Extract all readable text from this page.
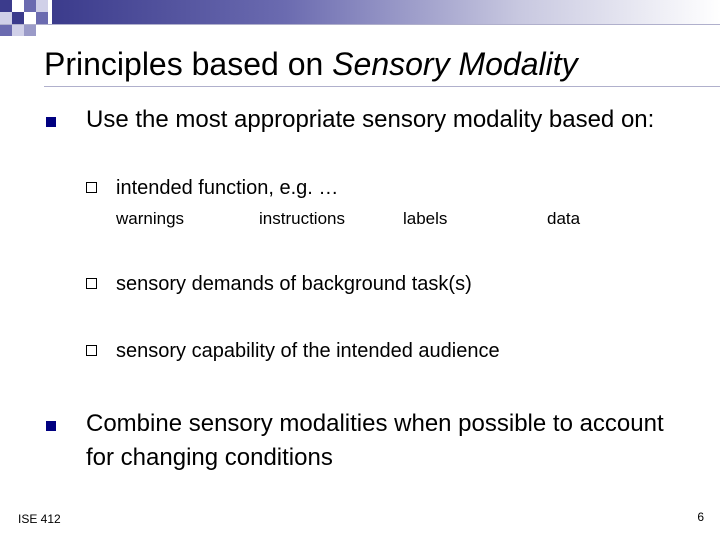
Principles based on Sensory Modality
Use the most appropriate sensory modality based on:
intended function, e.g. …
warnings	instructions	labels	data
sensory demands of background task(s)
sensory capability of the intended audience
Combine sensory modalities when possible to account for changing conditions
ISE 412	6
